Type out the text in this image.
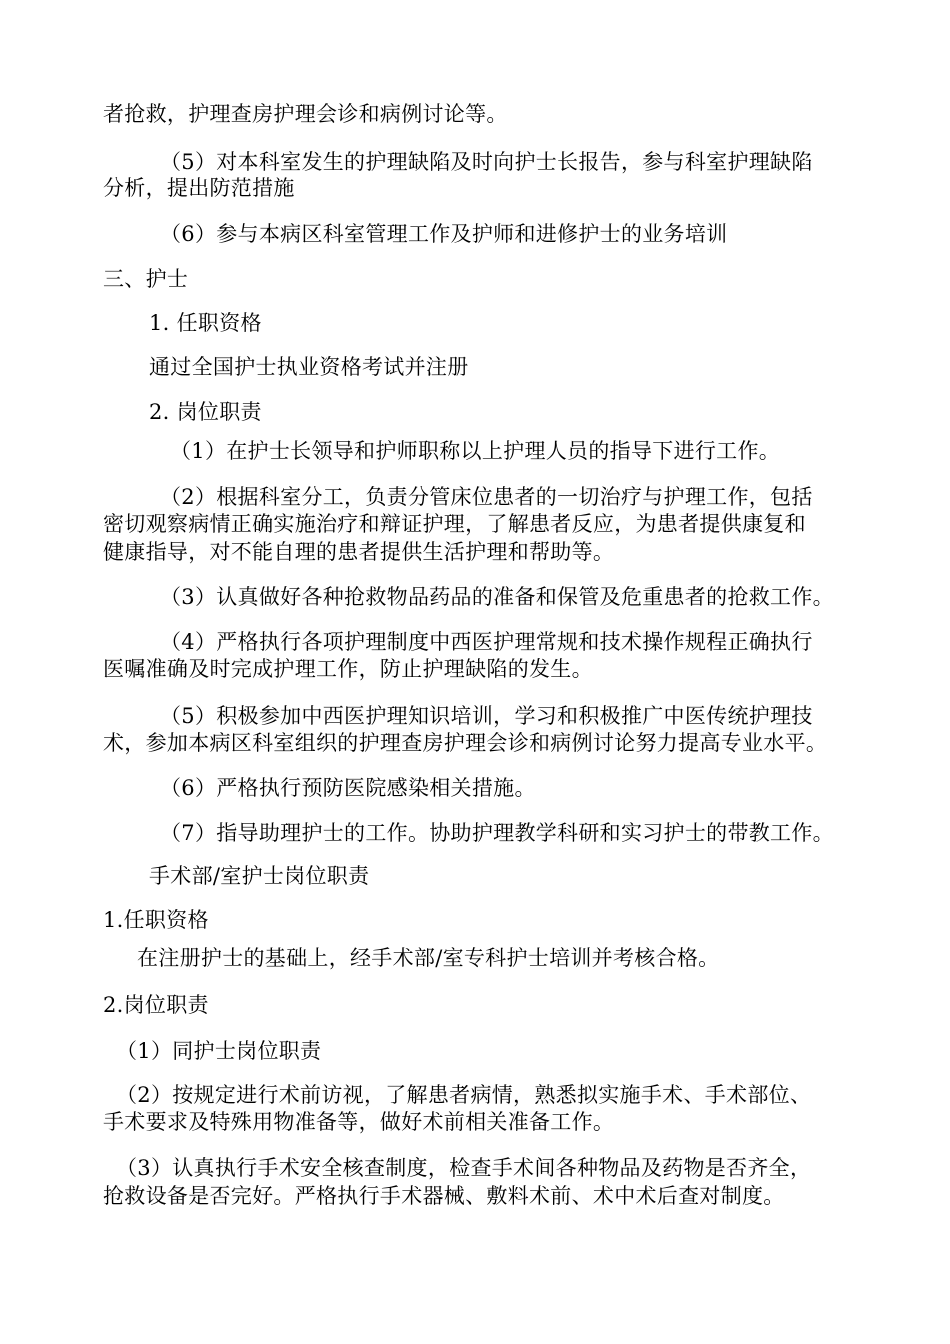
者抢救，护理查房护理会诊和病例讨论等。
（5）对本科室发生的护理缺陷及时向护士长报告，参与科室护理缺陷
分析，提出防范措施
（6）参与本病区科室管理工作及护师和进修护士的业务培训
三、护士
1. 任职资格
通过全国护士执业资格考试并注册
2. 岗位职责
（1）在护士长领导和护师职称以上护理人员的指导下进行工作。
（2）根据科室分工，负责分管床位患者的一切治疗与护理工作，包括
密切观察病情正确实施治疗和辩证护理，了解患者反应，为患者提供康复和
健康指导，对不能自理的患者提供生活护理和帮助等。
（3）认真做好各种抢救物品药品的准备和保管及危重患者的抢救工作。
（4）严格执行各项护理制度中西医护理常规和技术操作规程正确执行
医嘱准确及时完成护理工作，防止护理缺陷的发生。
（5）积极参加中西医护理知识培训，学习和积极推广中医传统护理技
术，参加本病区科室组织的护理查房护理会诊和病例讨论努力提高专业水平。
（6）严格执行预防医院感染相关措施。
（7）指导助理护士的工作。协助护理教学科研和实习护士的带教工作。
手术部/室护士岗位职责
1.任职资格
在注册护士的基础上，经手术部/室专科护士培训并考核合格。
2.岗位职责
（1）同护士岗位职责
（2）按规定进行术前访视，了解患者病情，熟悉拟实施手术、手术部位、
手术要求及特殊用物准备等，做好术前相关准备工作。
（3）认真执行手术安全核查制度，检查手术间各种物品及药物是否齐全，
抢救设备是否完好。严格执行手术器械、敷料术前、术中术后查对制度。
